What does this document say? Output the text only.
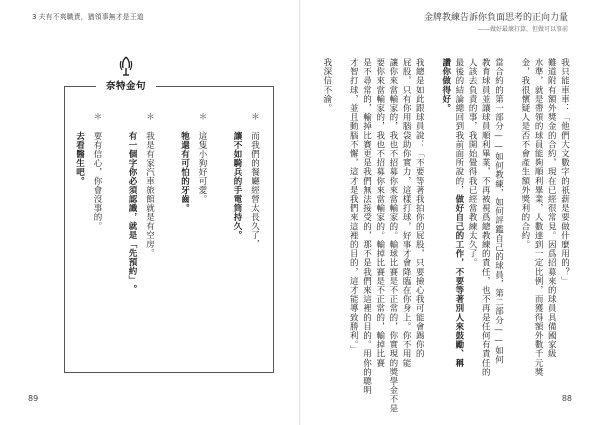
3 夫有不爽職責，猶領事無才是王道	金牌教練告訴你負面思考的正向力量
——做好最壞打算，但做可以事前
我只能車車：「他們大文數字的祇薪是要做什麼用的？」
難道附有額外獎金的合約，現在已經很常見。因爲招募來的球員具備國家級
水準，就是帶領的球員能夠順利畢業，人數達到一定比例，而獲得額外數千元獎
金，我很懷疑人是否不會產生額外獎利的合約。
當合約的第一部分——如何教練，如何評鑑自己的球員，第二部分——如何
教育球員並讓球員順利畢業，不再被視爲總教練的責任，也不再是任何有責任的
人該去負責的事，我開始覺得我已經當教練太久了。
最後的結論總回到我前面所說的，做好自己的工作，不要等著別人來鼓勵、稱
讚你做得好。
我總是如此跟球員說：「不要等著我拍你的屁股，只要撿心我可能會踢你的
屁股，只有你用腦袋助你實力，這樣打球，好事才會降臨在你身上。你不用能
讓你來當輸家的，我也不招募你來當輸家的。輸球比賽是不正常的，你實現的獎學金不是
要你來當輸家的，我也不招募你來當輸家的。輸掉比賽是不正常的，輸掉比賽
是不尋常的，輸掉比賽更是我們無法接受的，那不是我們來這裡的目的。用你的聰明
才智打球，並且動腦不懈，這才是我們來這裡的目的，這才能導致勝利。」
我深信不渝。
奈特金句
＊ 而我們的餐廳經營太長久了，
　 讓不如騎兵的手電筒持久。
＊ 這隻小狗好可愛。
　 牠還有可怕的牙齒。
＊ 我是有家汽車旅館就是有空房。
　 有一個字你必須認識，就是「先預約」。
＊ 要有信心，你會沒事的。
　 去看醫生吧。
89	88
